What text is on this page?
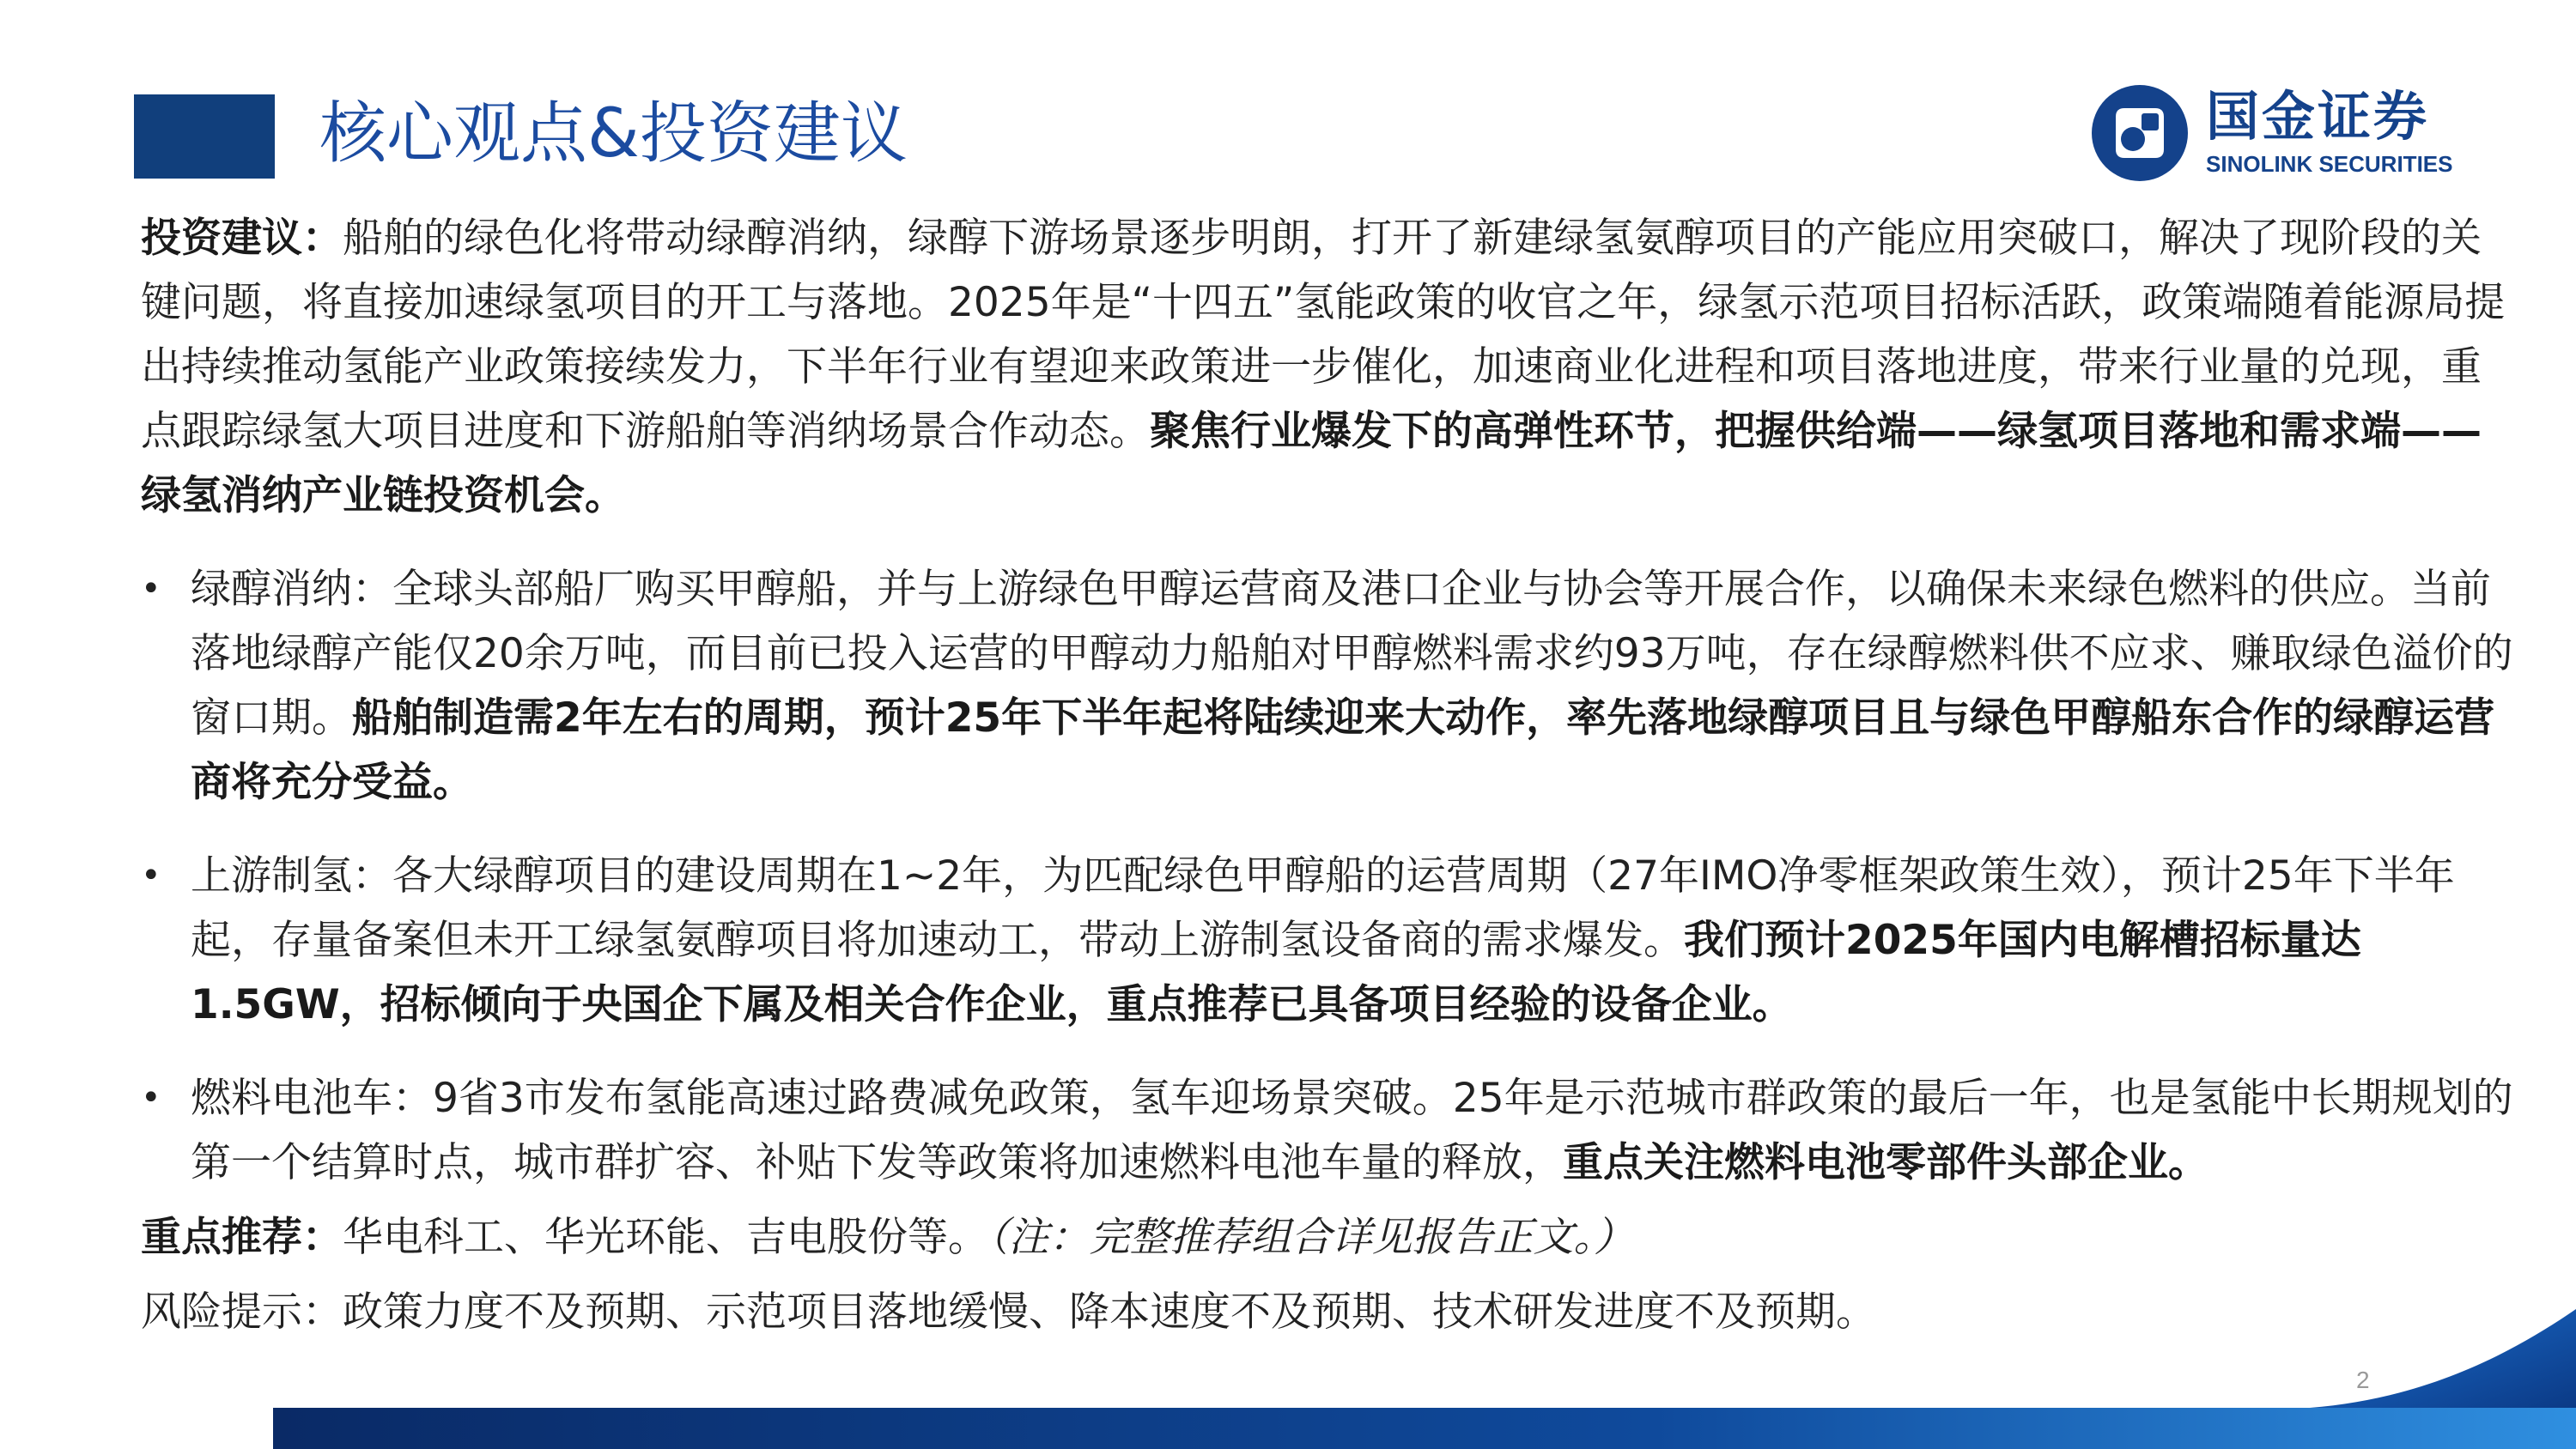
核心观点&投资建议	国金证券
SINOLINK SECURITIES

投资建议：船舶的绿色化将带动绿醇消纳，绿醇下游场景逐步明朗，打开了新建绿氢氨醇项目的产能应用突破口，解决了现阶段的关键问题，将直接加速绿氢项目的开工与落地。2025年是“十四五”氢能政策的收官之年，绿氢示范项目招标活跃，政策端随着能源局提出持续推动氢能产业政策接续发力，下半年行业有望迎来政策进一步催化，加速商业化进程和项目落地进度，带来行业量的兑现，重点跟踪绿氢大项目进度和下游船舶等消纳场景合作动态。聚焦行业爆发下的高弹性环节，把握供给端——绿氢项目落地和需求端——绿氢消纳产业链投资机会。

• 绿醇消纳：全球头部船厂购买甲醇船，并与上游绿色甲醇运营商及港口企业与协会等开展合作，以确保未来绿色燃料的供应。当前落地绿醇产能仅20余万吨，而目前已投入运营的甲醇动力船舶对甲醇燃料需求约93万吨，存在绿醇燃料供不应求、赚取绿色溢价的窗口期。船舶制造需2年左右的周期，预计25年下半年起将陆续迎来大动作，率先落地绿醇项目且与绿色甲醇船东合作的绿醇运营商将充分受益。
• 上游制氢：各大绿醇项目的建设周期在1~2年，为匹配绿色甲醇船的运营周期（27年IMO净零框架政策生效），预计25年下半年起，存量备案但未开工绿氢氨醇项目将加速动工，带动上游制氢设备商的需求爆发。我们预计2025年国内电解槽招标量达1.5GW，招标倾向于央国企下属及相关合作企业，重点推荐已具备项目经验的设备企业。
• 燃料电池车：9省3市发布氢能高速过路费减免政策，氢车迎场景突破。25年是示范城市群政策的最后一年，也是氢能中长期规划的第一个结算时点，城市群扩容、补贴下发等政策将加速燃料电池车量的释放，重点关注燃料电池零部件头部企业。

重点推荐：华电科工、华光环能、吉电股份等。（注：完整推荐组合详见报告正文。）

风险提示：政策力度不及预期、示范项目落地缓慢、降本速度不及预期、技术研发进度不及预期。

2
